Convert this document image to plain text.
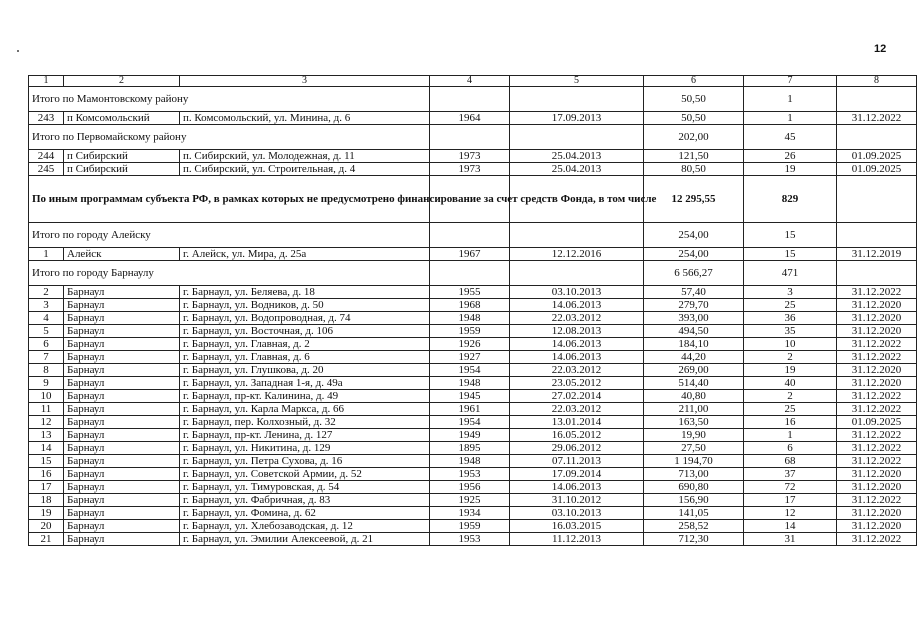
12
1	2	3	4	5	6	7	8
Итого по Мамонтовскому району					50,50	1	
243	п Комсомольский	п. Комсомольский, ул. Минина, д. 6	1964	17.09.2013	50,50	1	31.12.2022
Итого по Первомайскому району					202,00	45	
244	п Сибирский	п. Сибирский, ул. Молодежная, д. 11	1973	25.04.2013	121,50	26	01.09.2025
245	п Сибирский	п. Сибирский, ул. Строительная, д. 4	1973	25.04.2013	80,50	19	01.09.2025
По иным программам субъекта РФ, в рамках которых не предусмотрено финансирование за счет средств Фонда, в том числе					12 295,55	829	
Итого по городу Алейску					254,00	15	
1	Алейск	г. Алейск, ул. Мира, д. 25а	1967	12.12.2016	254,00	15	31.12.2019
Итого по городу Барнаулу					6 566,27	471	
2	Барнаул	г. Барнаул, ул. Беляева, д. 18	1955	03.10.2013	57,40	3	31.12.2022
3	Барнаул	г. Барнаул, ул. Водников, д. 50	1968	14.06.2013	279,70	25	31.12.2020
4	Барнаул	г. Барнаул, ул. Водопроводная, д. 74	1948	22.03.2012	393,00	36	31.12.2020
5	Барнаул	г. Барнаул, ул. Восточная, д. 106	1959	12.08.2013	494,50	35	31.12.2020
6	Барнаул	г. Барнаул, ул. Главная, д. 2	1926	14.06.2013	184,10	10	31.12.2022
7	Барнаул	г. Барнаул, ул. Главная, д. 6	1927	14.06.2013	44,20	2	31.12.2022
8	Барнаул	г. Барнаул, ул. Глушкова, д. 20	1954	22.03.2012	269,00	19	31.12.2020
9	Барнаул	г. Барнаул, ул. Западная 1-я, д. 49а	1948	23.05.2012	514,40	40	31.12.2020
10	Барнаул	г. Барнаул, пр-кт. Калинина, д. 49	1945	27.02.2014	40,80	2	31.12.2022
11	Барнаул	г. Барнаул, ул. Карла Маркса, д. 66	1961	22.03.2012	211,00	25	31.12.2022
12	Барнаул	г. Барнаул, пер. Колхозный, д. 32	1954	13.01.2014	163,50	16	01.09.2025
13	Барнаул	г. Барнаул, пр-кт. Ленина, д. 127	1949	16.05.2012	19,90	1	31.12.2022
14	Барнаул	г. Барнаул, ул. Никитина, д. 129	1895	29.06.2012	27,50	6	31.12.2022
15	Барнаул	г. Барнаул, ул. Петра Сухова, д. 16	1948	07.11.2013	1 194,70	68	31.12.2022
16	Барнаул	г. Барнаул, ул. Советской Армии, д. 52	1953	17.09.2014	713,00	37	31.12.2020
17	Барнаул	г. Барнаул, ул. Тимуровская, д. 54	1956	14.06.2013	690,80	72	31.12.2020
18	Барнаул	г. Барнаул, ул. Фабричная, д. 83	1925	31.10.2012	156,90	17	31.12.2022
19	Барнаул	г. Барнаул, ул. Фомина, д. 62	1934	03.10.2013	141,05	12	31.12.2020
20	Барнаул	г. Барнаул, ул. Хлебозаводская, д. 12	1959	16.03.2015	258,52	14	31.12.2020
21	Барнаул	г. Барнаул, ул. Эмилии Алексеевой, д. 21	1953	11.12.2013	712,30	31	31.12.2022
